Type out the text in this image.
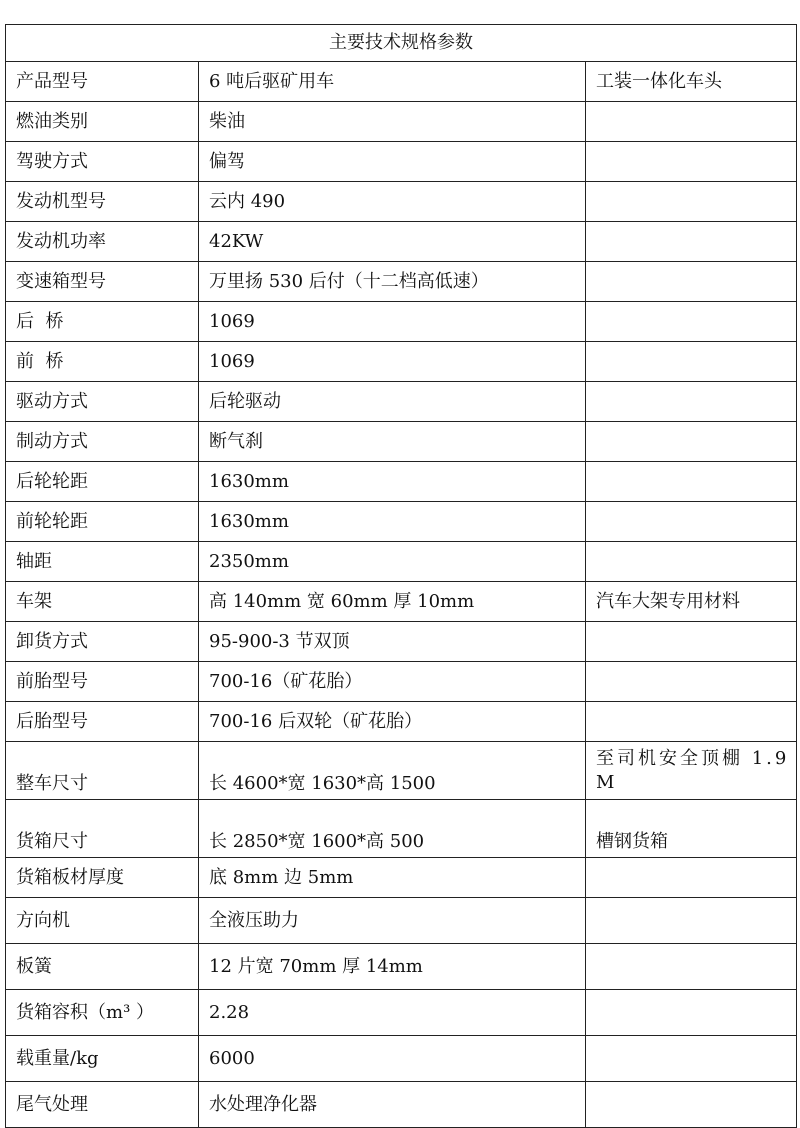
主要技术规格参数		
产品型号	6 吨后驱矿用车	工装一体化车头
燃油类别	柴油	
驾驶方式	偏驾	
发动机型号	云内 490	
发动机功率	42KW	
变速箱型号	万里扬 530 后付（十二档高低速）	
后  桥	1069	
前  桥	1069	
驱动方式	后轮驱动	
制动方式	断气刹	
后轮轮距	1630mm	
前轮轮距	1630mm	
轴距	2350mm	
车架	高 140mm 宽 60mm 厚 10mm	汽车大架专用材料
卸货方式	95-900-3 节双顶	
前胎型号	700-16（矿花胎）	
后胎型号	700-16 后双轮（矿花胎）	
整车尺寸	长 4600*宽 1630*高 1500	至司机安全顶棚 1.9M

货箱尺寸	长 2850*宽 1600*高 500	槽钢货箱
货箱板材厚度	底 8mm 边 5mm	
方向机	全液压助力	
板簧	12 片宽 70mm 厚 14mm	
货箱容积（m³ ）	2.28	
载重量/kg	6000	
尾气处理	水处理净化器	
